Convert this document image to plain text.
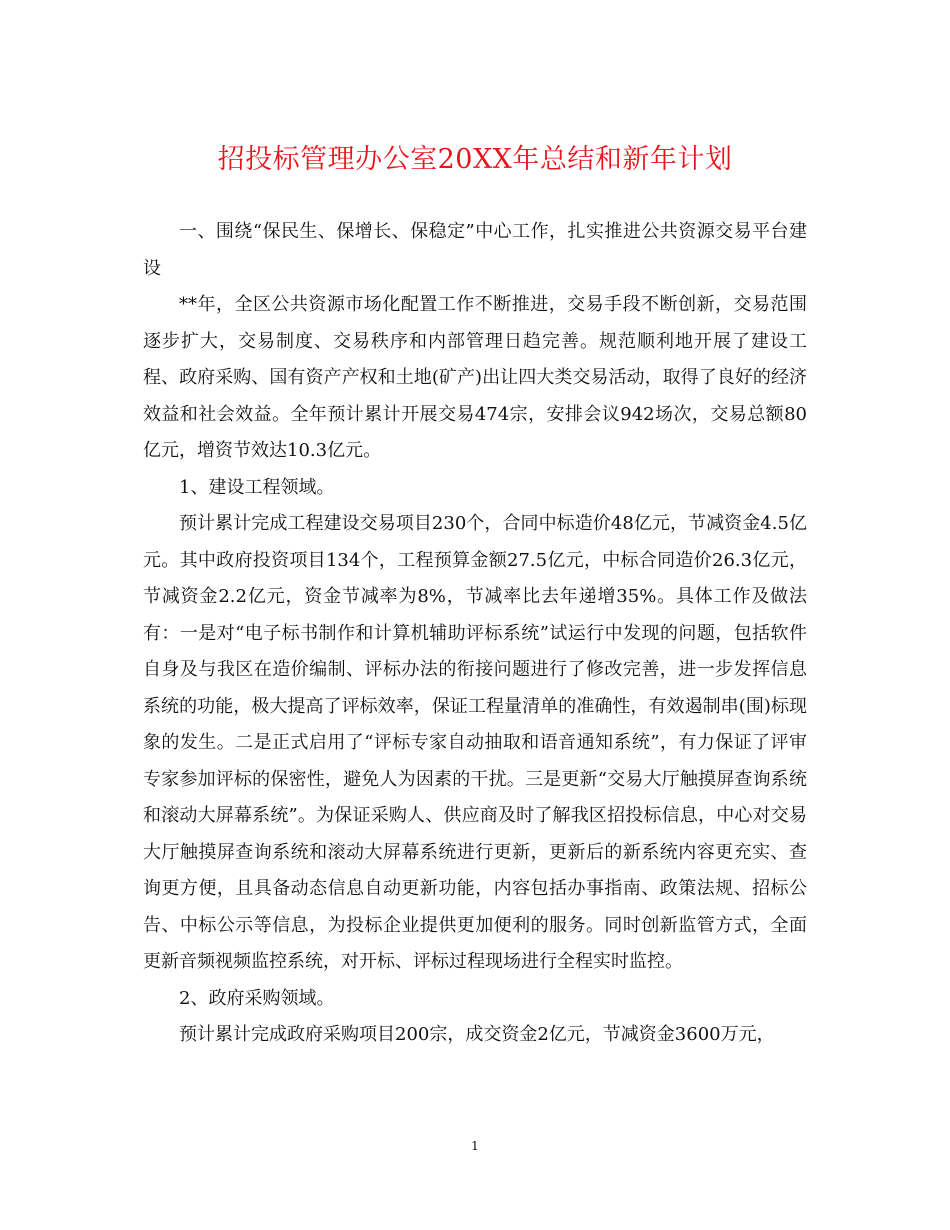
招投标管理办公室20XX年总结和新年计划

一、围绕“保民生、保增长、保稳定”中心工作，扎实推进公共资源交易平台建设

**年，全区公共资源市场化配置工作不断推进，交易手段不断创新，交易范围逐步扩大，交易制度、交易秩序和内部管理日趋完善。规范顺利地开展了建设工程、政府采购、国有资产产权和土地(矿产)出让四大类交易活动，取得了良好的经济效益和社会效益。全年预计累计开展交易474宗，安排会议942场次，交易总额80亿元，增资节效达10.3亿元。

1、建设工程领域。

预计累计完成工程建设交易项目230个，合同中标造价48亿元，节减资金4.5亿元。其中政府投资项目134个，工程预算金额27.5亿元，中标合同造价26.3亿元，节减资金2.2亿元，资金节减率为8%，节减率比去年递增35%。具体工作及做法有：一是对“电子标书制作和计算机辅助评标系统”试运行中发现的问题，包括软件自身及与我区在造价编制、评标办法的衔接问题进行了修改完善，进一步发挥信息系统的功能，极大提高了评标效率，保证工程量清单的准确性，有效遏制串(围)标现象的发生。二是正式启用了“评标专家自动抽取和语音通知系统”，有力保证了评审专家参加评标的保密性，避免人为因素的干扰。三是更新“交易大厅触摸屏查询系统和滚动大屏幕系统”。为保证采购人、供应商及时了解我区招投标信息，中心对交易大厅触摸屏查询系统和滚动大屏幕系统进行更新，更新后的新系统内容更充实、查询更方便，且具备动态信息自动更新功能，内容包括办事指南、政策法规、招标公告、中标公示等信息，为投标企业提供更加便利的服务。同时创新监管方式，全面更新音频视频监控系统，对开标、评标过程现场进行全程实时监控。

2、政府采购领域。

预计累计完成政府采购项目200宗，成交资金2亿元，节减资金3600万元，

1
